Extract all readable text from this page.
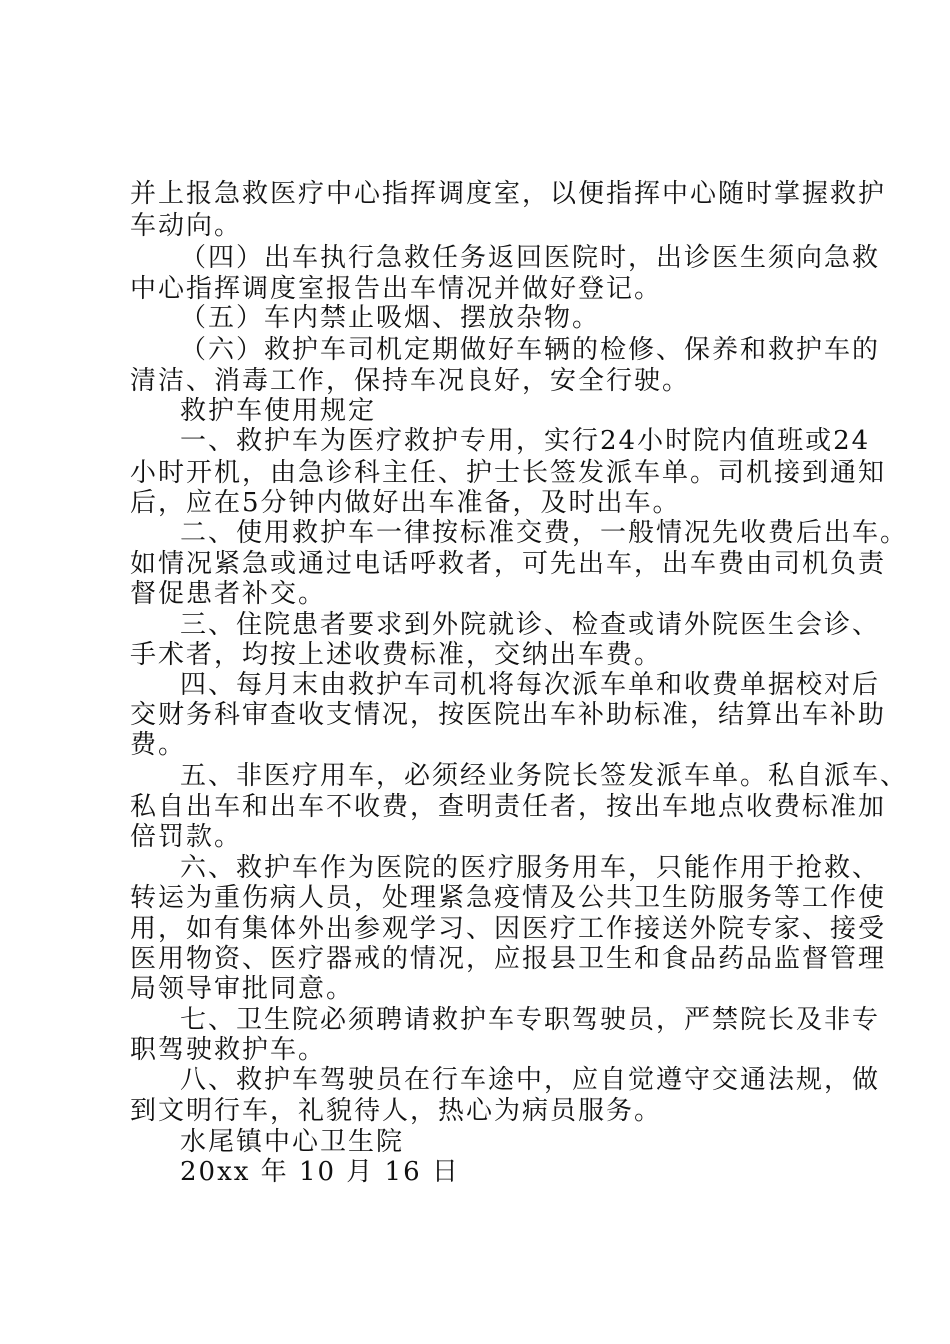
并上报急救医疗中心指挥调度室，以便指挥中心随时掌握救护
车动向。
（四）出车执行急救任务返回医院时，出诊医生须向急救
中心指挥调度室报告出车情况并做好登记。
（五）车内禁止吸烟、摆放杂物。
（六）救护车司机定期做好车辆的检修、保养和救护车的
清洁、消毒工作，保持车况良好，安全行驶。
救护车使用规定
一、救护车为医疗救护专用，实行24小时院内值班或24
小时开机，由急诊科主任、护士长签发派车单。司机接到通知
后，应在5分钟内做好出车准备，及时出车。
二、使用救护车一律按标准交费，一般情况先收费后出车。
如情况紧急或通过电话呼救者，可先出车，出车费由司机负责
督促患者补交。
三、住院患者要求到外院就诊、检查或请外院医生会诊、
手术者，均按上述收费标准，交纳出车费。
四、每月末由救护车司机将每次派车单和收费单据校对后
交财务科审查收支情况，按医院出车补助标准，结算出车补助
费。
五、非医疗用车，必须经业务院长签发派车单。私自派车、
私自出车和出车不收费，查明责任者，按出车地点收费标准加
倍罚款。
六、救护车作为医院的医疗服务用车，只能作用于抢救、
转运为重伤病人员，处理紧急疫情及公共卫生防服务等工作使
用，如有集体外出参观学习、因医疗工作接送外院专家、接受
医用物资、医疗器戒的情况，应报县卫生和食品药品监督管理
局领导审批同意。
七、卫生院必须聘请救护车专职驾驶员，严禁院长及非专
职驾驶救护车。
八、救护车驾驶员在行车途中，应自觉遵守交通法规，做
到文明行车，礼貌待人，热心为病员服务。
水尾镇中心卫生院
20xx 年 10 月 16 日
